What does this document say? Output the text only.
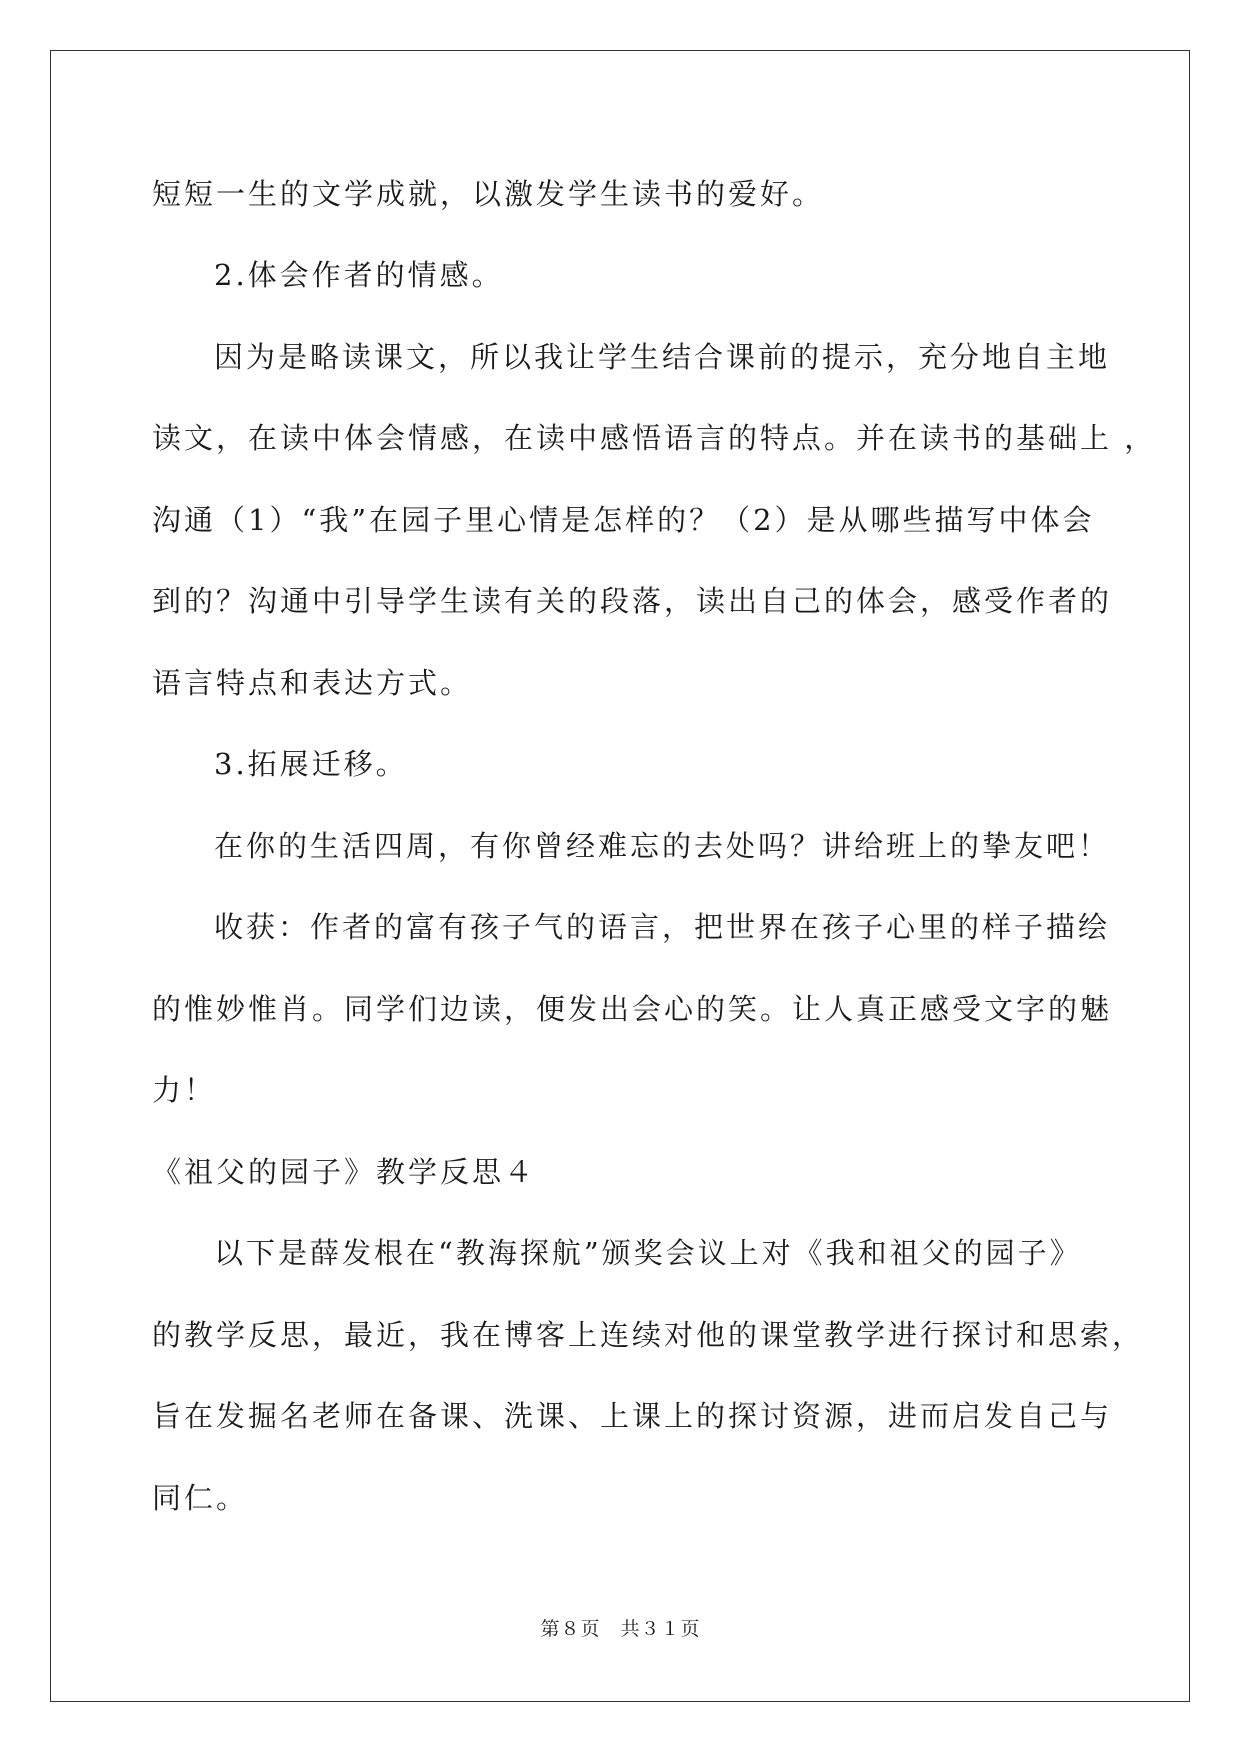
短短一生的文学成就，以激发学生读书的爱好。
2.体会作者的情感。
因为是略读课文，所以我让学生结合课前的提示，充分地自主地
读文，在读中体会情感，在读中感悟语言的特点。并在读书的基础上 ，
沟通（1）“我”在园子里心情是怎样的？（2）是从哪些描写中体会
到的？沟通中引导学生读有关的段落，读出自己的体会，感受作者的
语言特点和表达方式。
3.拓展迁移。
在你的生活四周，有你曾经难忘的去处吗？讲给班上的挚友吧！
收获：作者的富有孩子气的语言，把世界在孩子心里的样子描绘
的惟妙惟肖。同学们边读，便发出会心的笑。让人真正感受文字的魅
力！
《祖父的园子》教学反思４
以下是薛发根在“教海探航”颁奖会议上对《我和祖父的园子》
的教学反思，最近，我在博客上连续对他的课堂教学进行探讨和思索，
旨在发掘名老师在备课、洗课、上课上的探讨资源，进而启发自己与
同仁。
第８页　共３１页
